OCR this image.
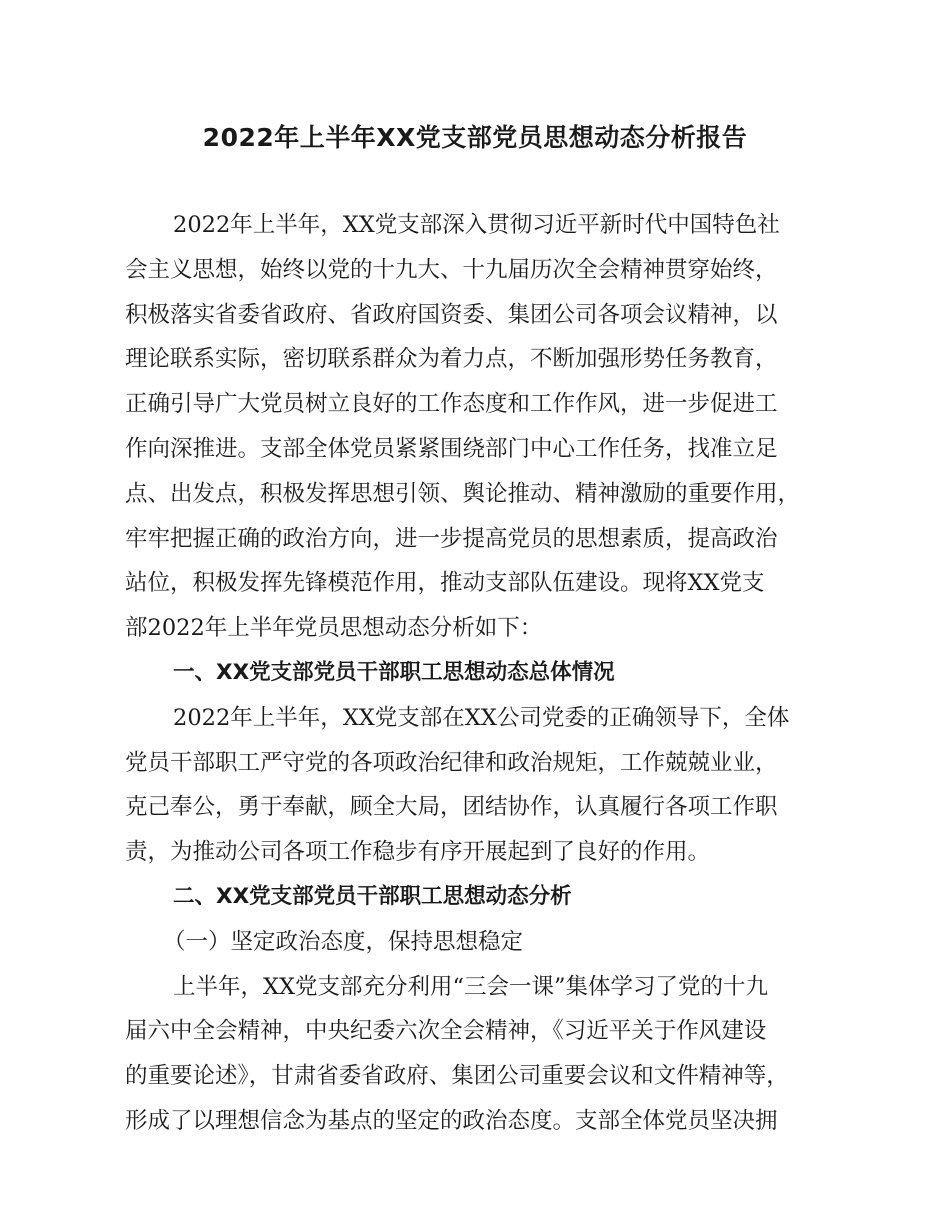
2022年上半年XX党支部党员思想动态分析报告
2022年上半年，XX党支部深入贯彻习近平新时代中国特色社
会主义思想，始终以党的十九大、十九届历次全会精神贯穿始终，
积极落实省委省政府、省政府国资委、集团公司各项会议精神，以
理论联系实际，密切联系群众为着力点，不断加强形势任务教育，
正确引导广大党员树立良好的工作态度和工作作风，进一步促进工
作向深推进。支部全体党员紧紧围绕部门中心工作任务，找准立足
点、出发点，积极发挥思想引领、舆论推动、精神激励的重要作用，
牢牢把握正确的政治方向，进一步提高党员的思想素质，提高政治
站位，积极发挥先锋模范作用，推动支部队伍建设。现将XX党支
部2022年上半年党员思想动态分析如下：
一、XX党支部党员干部职工思想动态总体情况
2022年上半年，XX党支部在XX公司党委的正确领导下，全体
党员干部职工严守党的各项政治纪律和政治规矩，工作兢兢业业，
克己奉公，勇于奉献，顾全大局，团结协作，认真履行各项工作职
责，为推动公司各项工作稳步有序开展起到了良好的作用。
二、XX党支部党员干部职工思想动态分析
（一）坚定政治态度，保持思想稳定
上半年，XX党支部充分利用“三会一课”集体学习了党的十九
届六中全会精神，中央纪委六次全会精神，《习近平关于作风建设
的重要论述》，甘肃省委省政府、集团公司重要会议和文件精神等，
形成了以理想信念为基点的坚定的政治态度。支部全体党员坚决拥
